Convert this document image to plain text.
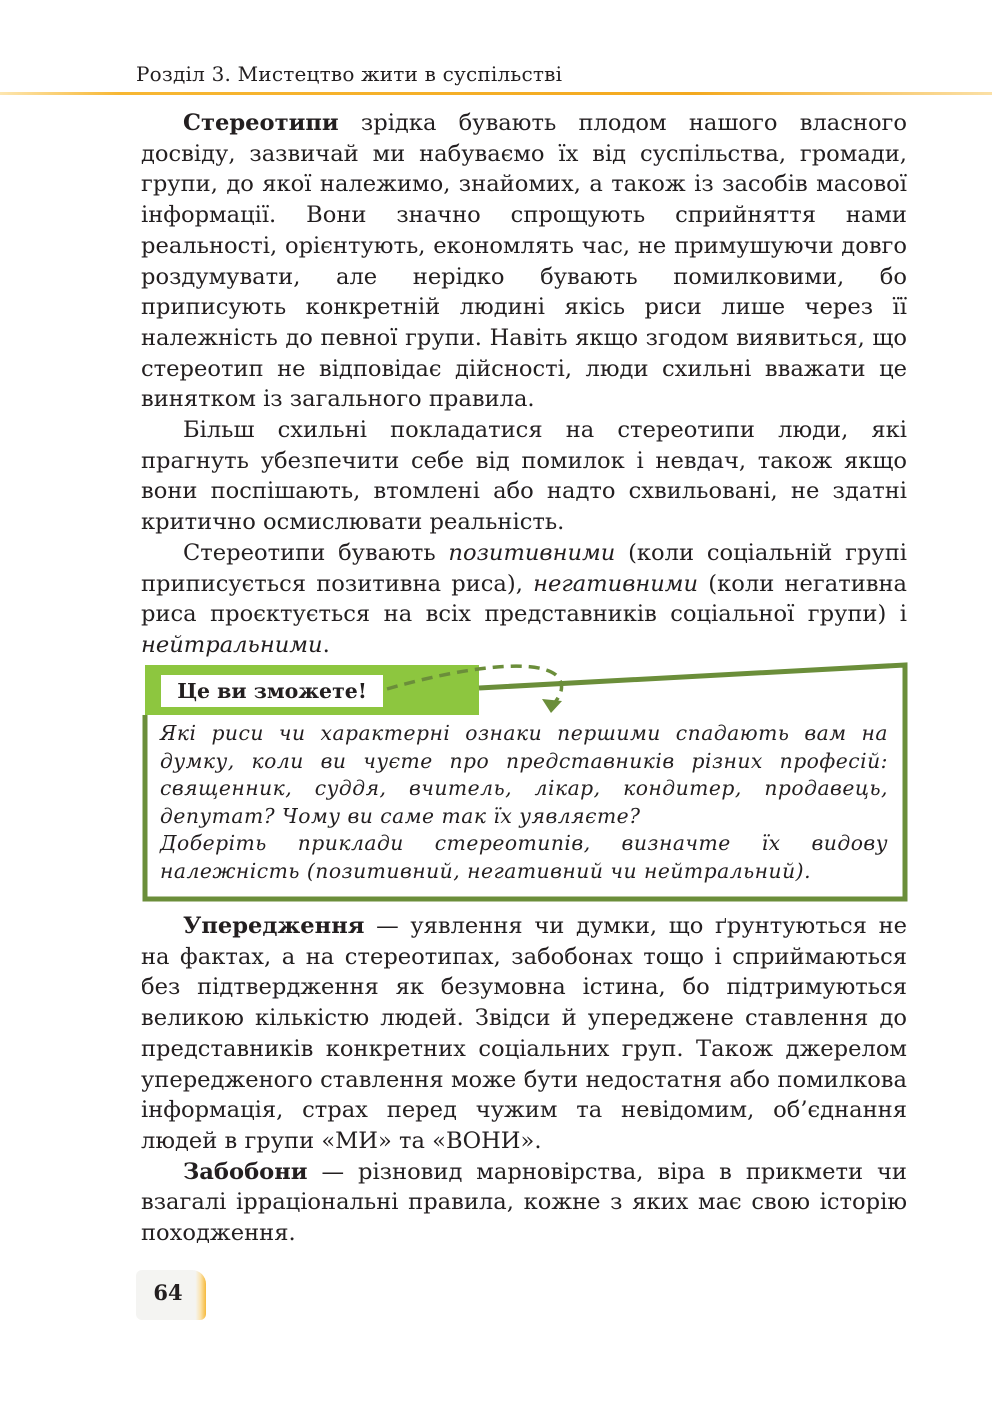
Розділ 3. Мистецтво жити в суспільстві

Стереотипи зрідка бувають плодом нашого власного досвіду, зазвичай ми набуваємо їх від суспільства, громади, групи, до якої належимо, знайомих, а також із засобів масової інформації. Вони значно спрощують сприйняття нами реальності, орієнтують, економлять час, не примушуючи довго роздумувати, але нерідко бувають помилковими, бо приписують конкретній людині якісь риси лише через її належність до певної групи. Навіть якщо згодом виявиться, що стереотип не відповідає дійсності, люди схильні вважати це винятком із загального правила.

Більш схильні покладатися на стереотипи люди, які прагнуть убезпечити себе від помилок і невдач, також якщо вони поспішають, втомлені або надто схвильовані, не здатні критично осмислювати реальність.

Стереотипи бувають позитивними (коли соціальній групі приписується позитивна риса), негативними (коли негативна риса проєктується на всіх представників соціальної групи) і нейтральними.

Це ви зможете!

Які риси чи характерні ознаки першими спадають вам на думку, коли ви чуєте про представників різних професій: священник, суддя, вчитель, лікар, кондитер, продавець, депутат? Чому ви саме так їх уявляєте?

Доберіть приклади стереотипів, визначте їх видову належність (позитивний, негативний чи нейтральний).

Упередження — уявлення чи думки, що ґрунтуються не на фактах, а на стереотипах, забобонах тощо і сприймаються без підтвердження як безумовна істина, бо підтримуються великою кількістю людей. Звідси й упереджене ставлення до представників конкретних соціальних груп. Також джерелом упередженого ставлення може бути недостатня або помилкова інформація, страх перед чужим та невідомим, об’єднання людей в групи «МИ» та «ВОНИ».

Забобони — різновид марновірства, віра в прикмети чи взагалі ірраціональні правила, кожне з яких має свою історію походження.

64
